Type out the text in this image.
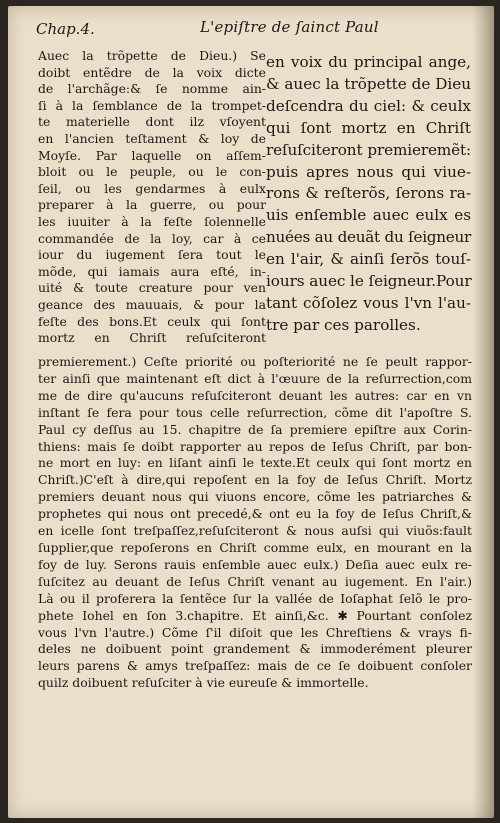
Chap.4.	L'epiſtre de ſainct Paul
Auec la trõpette de Dieu.) Se
doibt entẽdre de la voix dicte
de l'archãge:& ſe nomme ain-
ſi à la ſemblance de la trompet-
te materielle dont ilz vſoyent
en l'ancien teſtament & loy de
Moyſe. Par laquelle on aſſem-
bloit ou le peuple, ou le con-
ſeil, ou les gendarmes à eulx
preparer à la guerre, ou pour
les iuuiter à la feſte ſolennelle
commandée de la loy, car à ce
iour du iugement ſera tout le
mõde, qui iamais aura eſté, in-
uité & toute creature pour ven
geance des mauuais, & pour la
feſte des bons.Et ceulx qui ſont
mortz en Chriſt reſuſciteront
en voix du principal ange,
& auec la trõpette de Dieu
deſcendra du ciel: & ceulx
qui ſont mortz en Chriſt
reſuſciteront premieremẽt:
puis apres nous qui viue-
rons & reſterõs, ſerons ra-
uis enſemble auec eulx es
nuées au deuãt du ſeigneur
en l'air, & ainſi ſerõs touſ-
iours auec le ſeigneur.Pour
tant cõſolez vous l'vn l'au-
tre par ces parolles.
premierement.) Ceſte priorité ou poſteriorité ne ſe peult rappor-
ter ainſi que maintenant eſt dict à l'œuure de la reſurrection,com
me de dire qu'aucuns reſuſciteront deuant les autres: car en vn
inſtant ſe fera pour tous celle reſurrection, cõme dit l'apoſtre S.
Paul cy deſſus au 15. chapitre de ſa premiere epiſtre aux Corin-
thiens: mais ſe doibt rapporter au repos de Ieſus Chriſt, par bon-
ne mort en luy: en liſant ainſi le texte.Et ceulx qui ſont mortz en
Chriſt.)C'eſt à dire,qui repoſent en la foy de Ieſus Chriſt. Mortz
premiers deuant nous qui viuons encore, cõme les patriarches &
prophetes qui nous ont precedé,& ont eu la foy de Ieſus Chriſt,&
en icelle ſont treſpaſſez,reſuſciteront & nous auſsi qui viuõs:fault
ſupplier,que repoſerons en Chriſt comme eulx, en mourant en la
foy de luy. Serons rauis enſemble auec eulx.) Deſia auec eulx re-
ſuſcitez au deuant de Ieſus Chriſt venant au iugement. En l'air.)
Là ou il proferera la ſentẽce ſur la vallée de Ioſaphat ſelõ le pro-
phete Iohel en ſon 3.chapitre. Et ainſi,&c. ✱ Pourtant conſolez
vous l'vn l'autre.) Cõme ſ'il diſoit que les Chreſtiens & vrays fi-
deles ne doibuent point grandement & immoderément pleurer
leurs parens & amys treſpaſſez: mais de ce ſe doibuent conſoler
quilz doibuent reſuſciter à vie eureuſe & immortelle.
